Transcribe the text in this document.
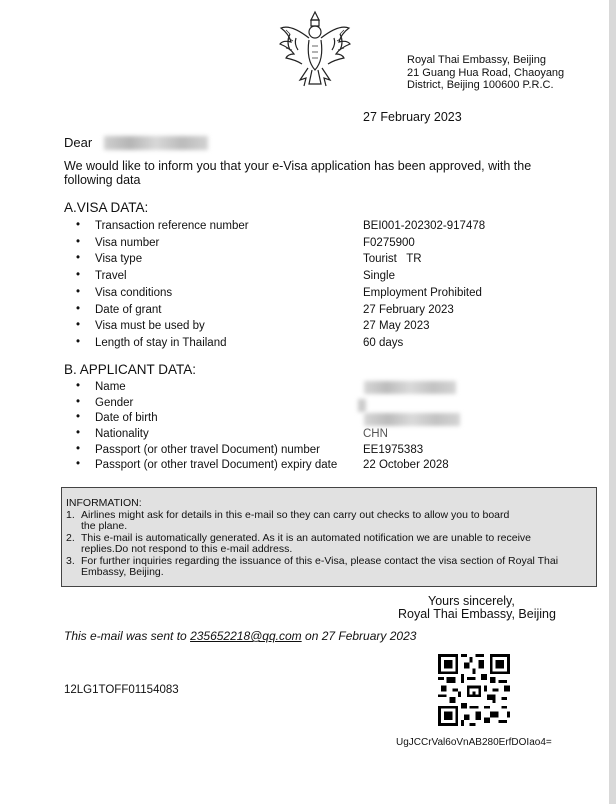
Royal Thai Embassy, Beijing
21 Guang Hua Road, Chaoyang
District, Beijing 100600 P.R.C.
27 February 2023
Dear
We would like to inform you that your e-Visa application has been approved, with the following data
A.VISA DATA:
• Transaction reference number	BEI001-202302-917478
• Visa number	F0275900
• Visa type	Tourist   TR
• Travel	Single
• Visa conditions	Employment Prohibited
• Date of grant	27 February 2023
• Visa must be used by	27 May 2023
• Length of stay in Thailand	60 days
B. APPLICANT DATA:
• Name
• Gender
• Date of birth
• Nationality	CHN
• Passport (or other travel Document) number	EE1975383
• Passport (or other travel Document) expiry date 22 October 2028
INFORMATION:
1. Airlines might ask for details in this e-mail so they can carry out checks to allow you to board the plane.
2. This e-mail is automatically generated. As it is an automated notification we are unable to receive replies.Do not respond to this e-mail address.
3. For further inquiries regarding the issuance of this e-Visa, please contact the visa section of Royal Thai Embassy, Beijing.
Yours sincerely,
Royal Thai Embassy, Beijing
This e-mail was sent to 235652218@qq.com on 27 February 2023
12LG1TOFF01154083
UgJCCrVal6oVnAB280ErfDOIao4=
